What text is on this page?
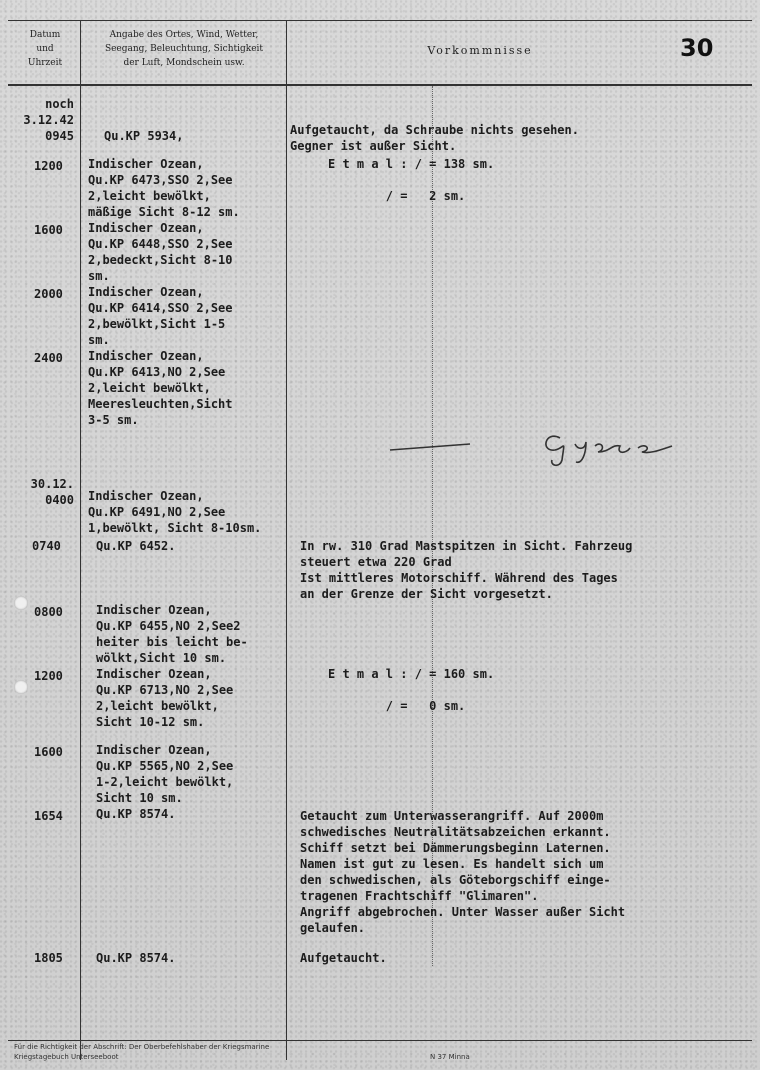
Datum
und
Uhrzeit
Angabe des Ortes, Wind, Wetter,
Seegang, Beleuchtung, Sichtigkeit
der Luft, Mondschein usw.
Vorkommnisse	30
noch
3.12.42
0945
1200
1600
2000
2400
30.12.
0400
0740
0800
1200
1600
1654
1805
Qu.KP 5934,
Indischer Ozean,
Qu.KP 6473,SSO 2,See
2,leicht bewölkt,
mäßige Sicht 8-12 sm.
Indischer Ozean,
Qu.KP 6448,SSO 2,See
2,bedeckt,Sicht 8-10
sm.
Indischer Ozean,
Qu.KP 6414,SSO 2,See
2,bewölkt,Sicht 1-5
sm.
Indischer Ozean,
Qu.KP 6413,NO 2,See
2,leicht bewölkt,
Meeresleuchten,Sicht
3-5 sm.
Indischer Ozean,
Qu.KP 6491,NO 2,See
1,bewölkt, Sicht 8-10sm.
Qu.KP 6452.
Indischer Ozean,
Qu.KP 6455,NO 2,See2
heiter bis leicht be-
wölkt,Sicht 10 sm.
Indischer Ozean,
Qu.KP 6713,NO 2,See
2,leicht bewölkt,
Sicht 10-12 sm.
Indischer Ozean,
Qu.KP 5565,NO 2,See
1-2,leicht bewölkt,
Sicht 10 sm.
Qu.KP 8574.
Qu.KP 8574.
Aufgetaucht, da Schraube nichts gesehen.
Gegner ist außer Sicht.
E t m a l : / = 138 sm.

/ =   2 sm.
In rw. 310 Grad Mastspitzen in Sicht. Fahrzeug
steuert etwa 220 Grad
Ist mittleres Motorschiff. Während des Tages
an der Grenze der Sicht vorgesetzt.
E t m a l : / = 160 sm.

/ =   0 sm.
Getaucht zum Unterwasserangriff. Auf 2000m
schwedisches Neutralitätsabzeichen erkannt.
Schiff setzt bei Dämmerungsbeginn Laternen.
Namen ist gut zu lesen. Es handelt sich um
den schwedischen, als Göteborgschiff einge-
tragenen Frachtschiff "Glimaren".
Angriff abgebrochen. Unter Wasser außer Sicht
gelaufen.
Aufgetaucht.
Für die Richtigkeit der Abschrift: Der Oberbefehlshaber der Kriegsmarine
Kriegstagebuch Unterseeboot	N 37 Minna
